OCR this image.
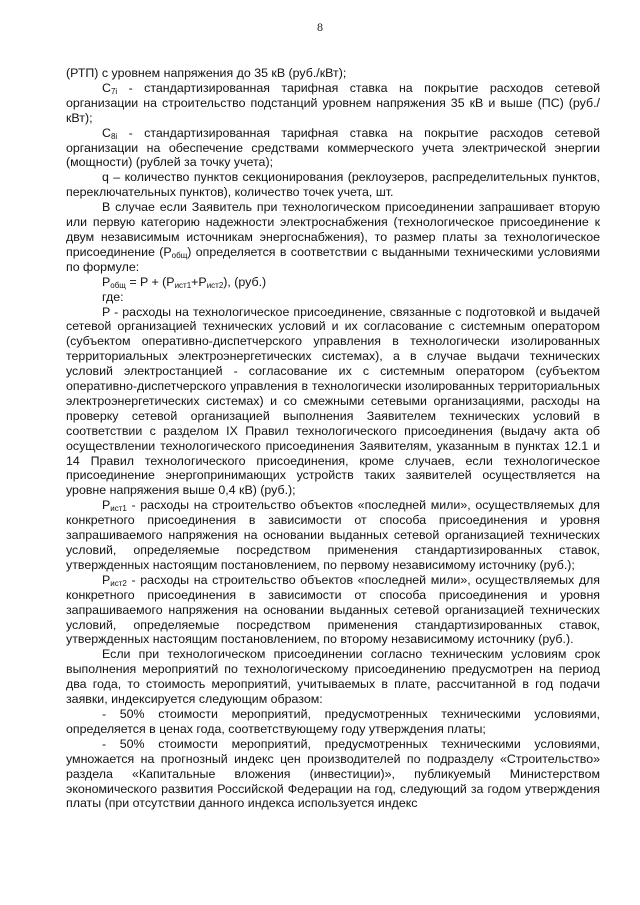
8

(РТП) с уровнем напряжения до 35 кВ (руб./кВт);

$C_{7i}$ - стандартизированная тарифная ставка на покрытие расходов сетевой организации на строительство подстанций уровнем напряжения 35 кВ и выше (ПС) (руб./кВт);

$C_{8i}$ - стандартизированная тарифная ставка на покрытие расходов сетевой организации на обеспечение средствами коммерческого учета электрической энергии (мощности) (рублей за точку учета);

q – количество пунктов секционирования (реклоузеров, распределительных пунктов, переключательных пунктов), количество точек учета, шт.

В случае если Заявитель при технологическом присоединении запрашивает вторую или первую категорию надежности электроснабжения (технологическое присоединение к двум независимым источникам энергоснабжения), то размер платы за технологическое присоединение $(P_{общ})$ определяется в соответствии с выданными техническими условиями по формуле:

$P_{общ} = P + (P_{ист1}+P_{ист2})$, (руб.)

где:

P - расходы на технологическое присоединение, связанные с подготовкой и выдачей сетевой организацией технических условий и их согласование с системным оператором (субъектом оперативно-диспетчерского управления в технологически изолированных территориальных электроэнергетических системах), а в случае выдачи технических условий электростанцией - согласование их с системным оператором (субъектом оперативно-диспетчерского управления в технологически изолированных территориальных электроэнергетических системах) и со смежными сетевыми организациями, расходы на проверку сетевой организацией выполнения Заявителем технических условий в соответствии с разделом IX Правил технологического присоединения (выдачу акта об осуществлении технологического присоединения Заявителям, указанным в пунктах 12.1 и 14 Правил технологического присоединения, кроме случаев, если технологическое присоединение энергопринимающих устройств таких заявителей осуществляется на уровне напряжения выше 0,4 кВ) (руб.);

$P_{ист1}$ - расходы на строительство объектов «последней мили», осуществляемых для конкретного присоединения в зависимости от способа присоединения и уровня запрашиваемого напряжения на основании выданных сетевой организацией технических условий, определяемые посредством применения стандартизированных ставок, утвержденных настоящим постановлением, по первому независимому источнику (руб.);

$P_{ист2}$ - расходы на строительство объектов «последней мили», осуществляемых для конкретного присоединения в зависимости от способа присоединения и уровня запрашиваемого напряжения на основании выданных сетевой организацией технических условий, определяемые посредством применения стандартизированных ставок, утвержденных настоящим постановлением, по второму независимому источнику (руб.).

Если при технологическом присоединении согласно техническим условиям срок выполнения мероприятий по технологическому присоединению предусмотрен на период два года, то стоимость мероприятий, учитываемых в плате, рассчитанной в год подачи заявки, индексируется следующим образом:

- 50% стоимости мероприятий, предусмотренных техническими условиями, определяется в ценах года, соответствующему году утверждения платы;

- 50% стоимости мероприятий, предусмотренных техническими условиями, умножается на прогнозный индекс цен производителей по подразделу «Строительство» раздела «Капитальные вложения (инвестиции)», публикуемый Министерством экономического развития Российской Федерации на год, следующий за годом утверждения платы (при отсутствии данного индекса используется индекс
